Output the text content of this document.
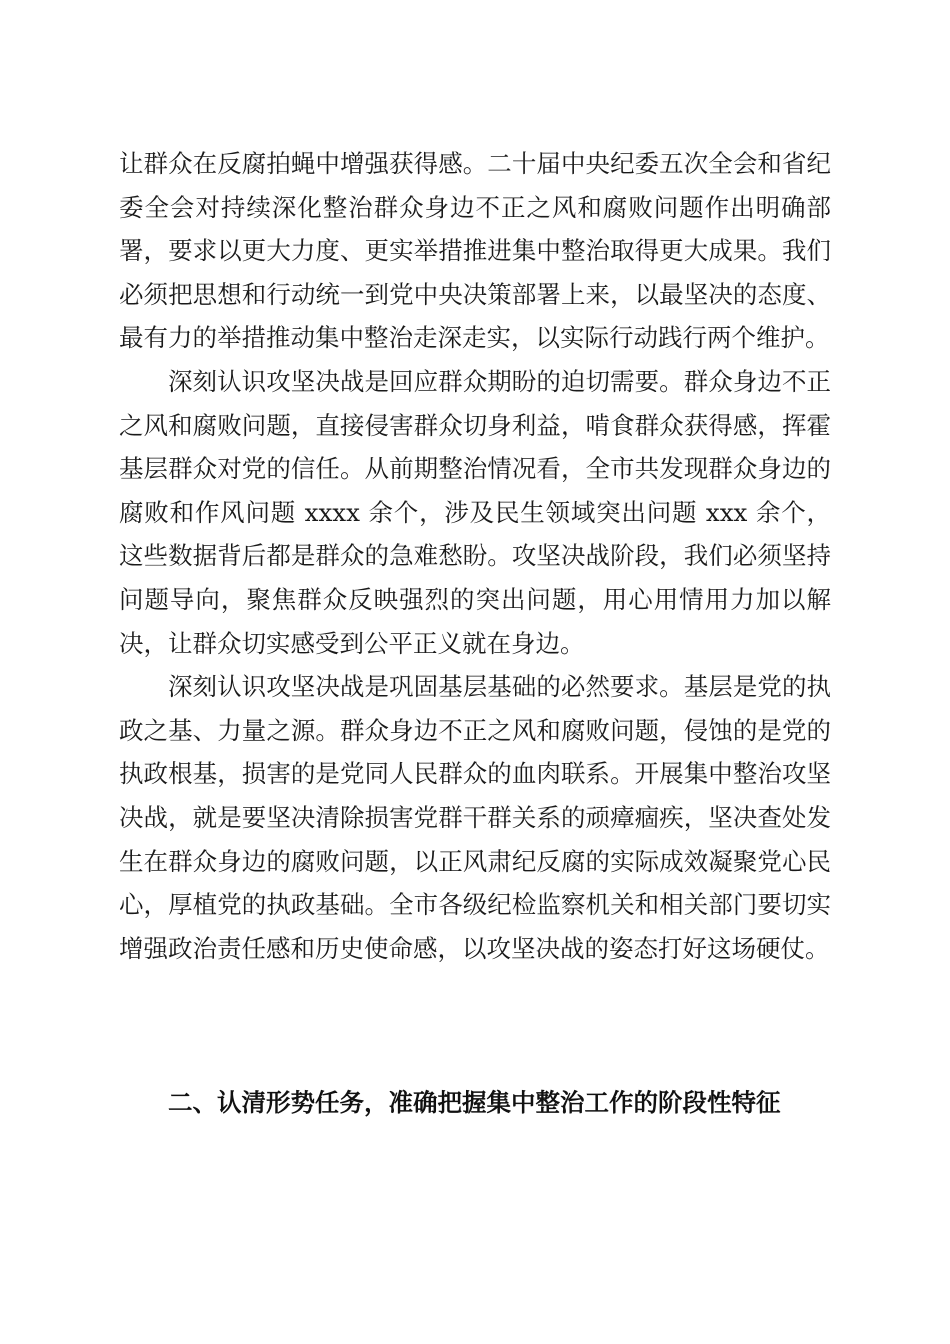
让群众在反腐拍蝇中增强获得感。二十届中央纪委五次全会和省纪委全会对持续深化整治群众身边不正之风和腐败问题作出明确部署，要求以更大力度、更实举措推进集中整治取得更大成果。我们必须把思想和行动统一到党中央决策部署上来，以最坚决的态度、最有力的举措推动集中整治走深走实，以实际行动践行两个维护。

深刻认识攻坚决战是回应群众期盼的迫切需要。群众身边不正之风和腐败问题，直接侵害群众切身利益，啃食群众获得感，挥霍基层群众对党的信任。从前期整治情况看，全市共发现群众身边的腐败和作风问题 xxxx 余个，涉及民生领域突出问题 xxx 余个，这些数据背后都是群众的急难愁盼。攻坚决战阶段，我们必须坚持问题导向，聚焦群众反映强烈的突出问题，用心用情用力加以解决，让群众切实感受到公平正义就在身边。

深刻认识攻坚决战是巩固基层基础的必然要求。基层是党的执政之基、力量之源。群众身边不正之风和腐败问题，侵蚀的是党的执政根基，损害的是党同人民群众的血肉联系。开展集中整治攻坚决战，就是要坚决清除损害党群干群关系的顽瘴痼疾，坚决查处发生在群众身边的腐败问题，以正风肃纪反腐的实际成效凝聚党心民心，厚植党的执政基础。全市各级纪检监察机关和相关部门要切实增强政治责任感和历史使命感，以攻坚决战的姿态打好这场硬仗。

二、认清形势任务，准确把握集中整治工作的阶段性特征
